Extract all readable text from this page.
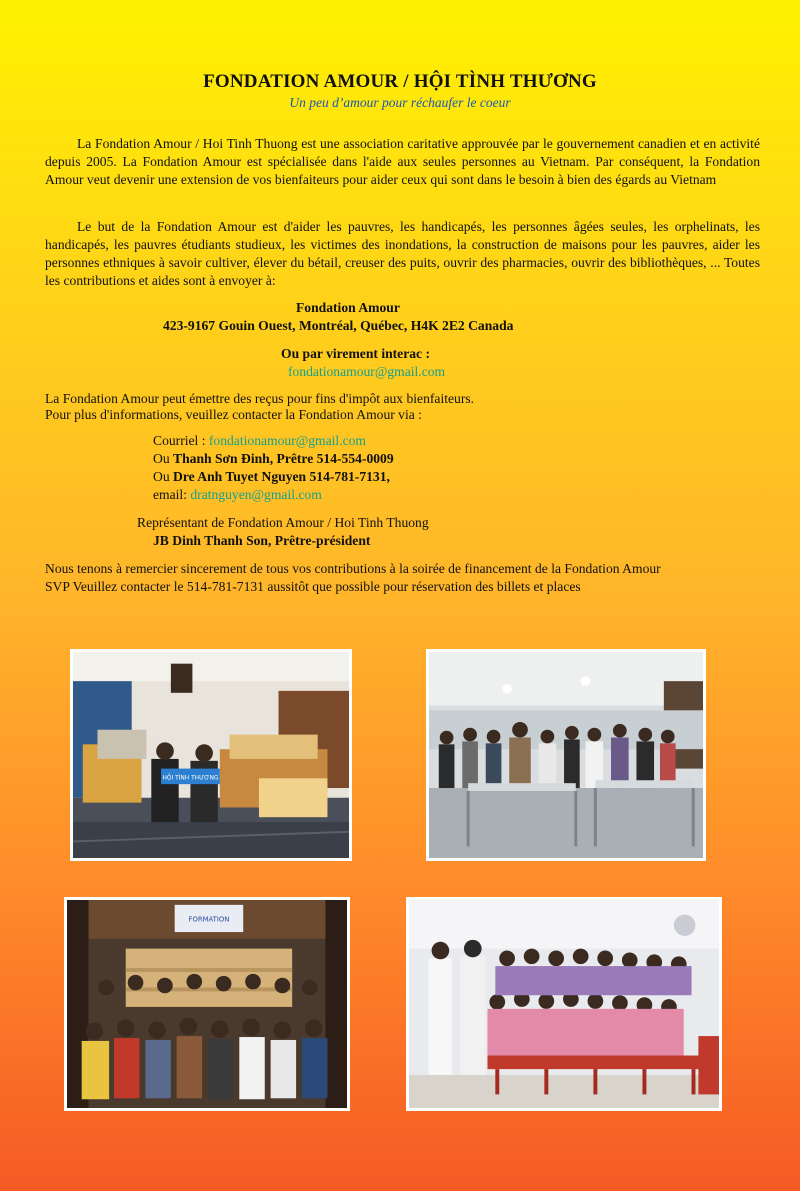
FONDATION AMOUR / HỘI TÌNH THƯƠNG
Un peu d’amour pour réchaufer le coeur
La Fondation Amour / Hoi Tinh Thuong est une association caritative approuvée par le gouvernement canadien et en activité depuis 2005. La Fondation Amour est spécialisée dans l'aide aux seules personnes au Vietnam. Par conséquent, la Fondation Amour veut devenir une extension de vos bienfaiteurs pour aider ceux qui sont dans le besoin à bien des égards au Vietnam
Le but de la Fondation Amour est d'aider les pauvres, les handicapés, les personnes âgées seules, les orphelinats, les handicapés, les pauvres étudiants studieux, les victimes des inondations, la construction de maisons pour les pauvres, aider les personnes ethniques à savoir cultiver, élever du bétail, creuser des puits, ouvrir des pharmacies, ouvrir des bibliothèques, ... Toutes les contributions et aides sont à envoyer à:
Fondation Amour
423-9167 Gouin Ouest, Montréal, Québec, H4K 2E2 Canada
Ou par virement interac :
fondationamour@gmail.com
La Fondation Amour peut émettre des reçus pour fins d'impôt aux bienfaiteurs.
Pour plus d'informations, veuillez contacter la Fondation Amour via :
Courriel : fondationamour@gmail.com
Ou Thanh Sơn Đinh, Prêtre 514-554-0009
Ou Dre Anh Tuyet Nguyen 514-781-7131,
email: dratnguyen@gmail.com
Représentant de Fondation Amour / Hoi Tinh Thuong
JB Dinh Thanh Son, Prêtre-président
Nous tenons à remercier sincerement de tous vos contributions à la soirée de financement de la Fondation Amour
SVP Veuillez contacter le 514-781-7131 aussitôt que possible pour réservation des billets et places
HỘI TÌNH THƯƠNG
FORMATION
